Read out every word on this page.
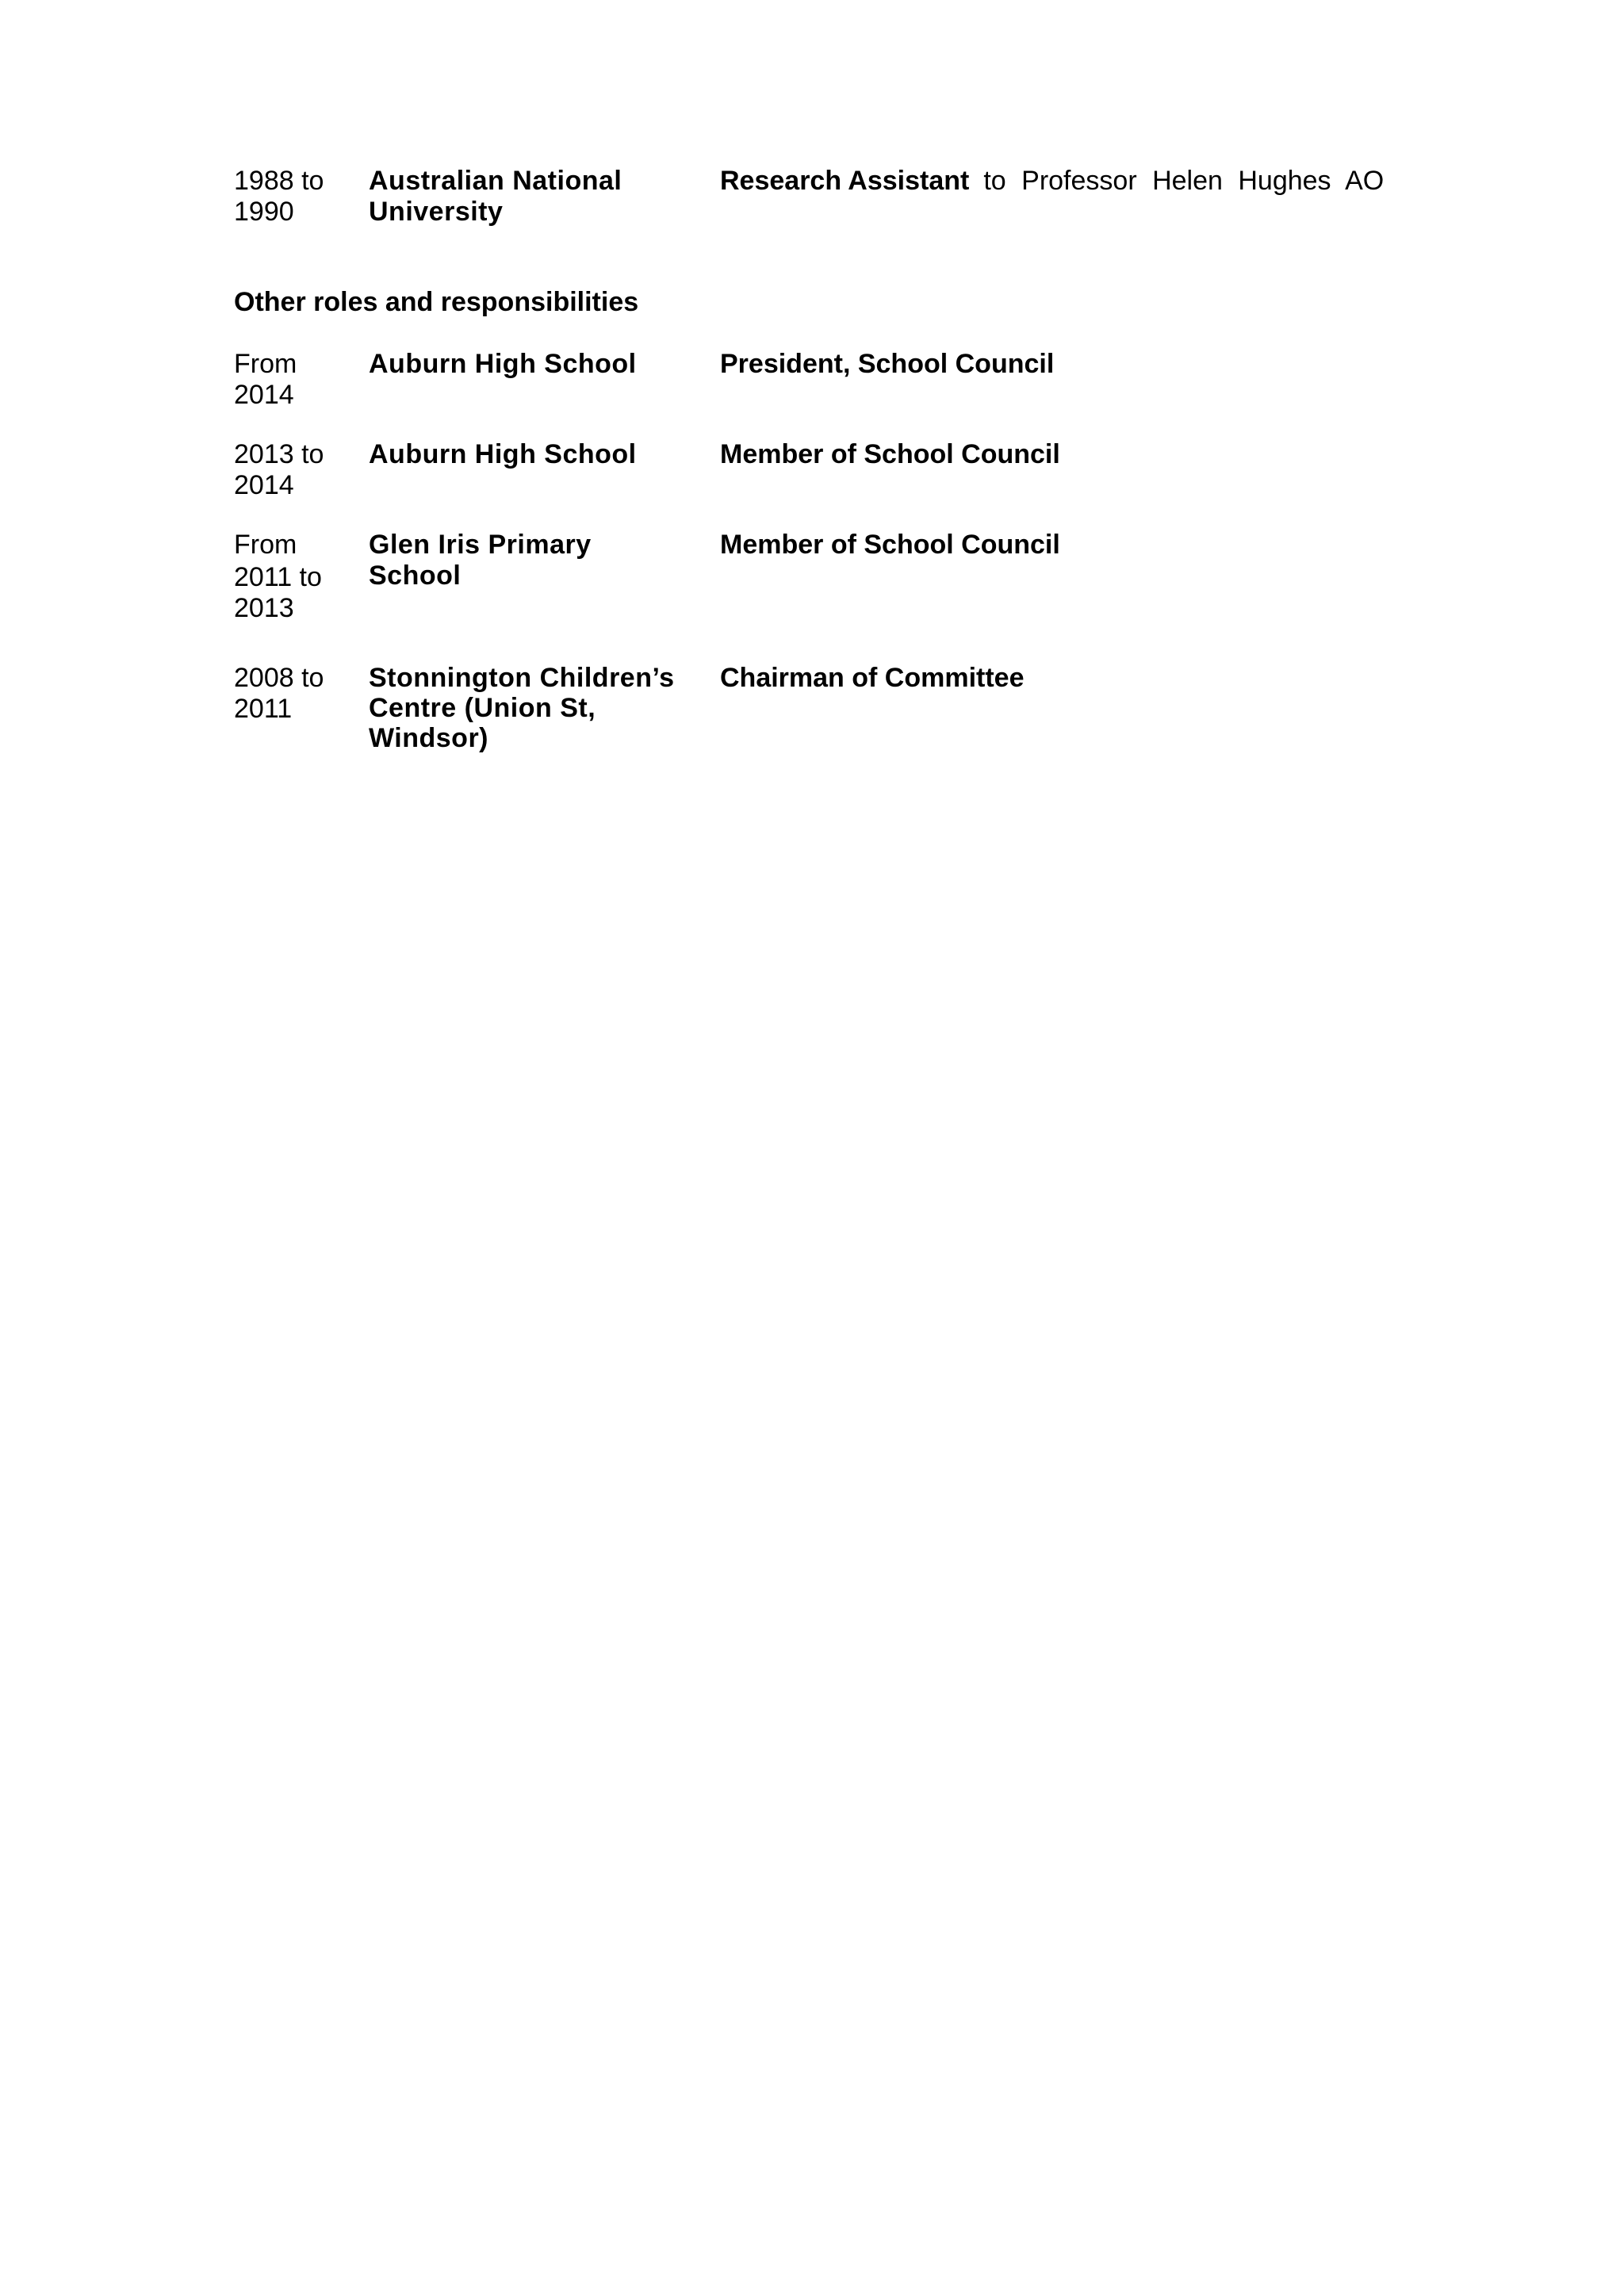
1988 to
1990
Australian National University
Research Assistant to Professor Helen Hughes AO
Other roles and responsibilities
From
2014
Auburn High School	President, School Council
2013 to
2014
Auburn High School	Member of School Council
From
2011 to
2013
Glen Iris Primary School
Member of School Council
2008 to
2011
Stonnington Children’s Centre (Union St, Windsor)
Chairman of Committee
